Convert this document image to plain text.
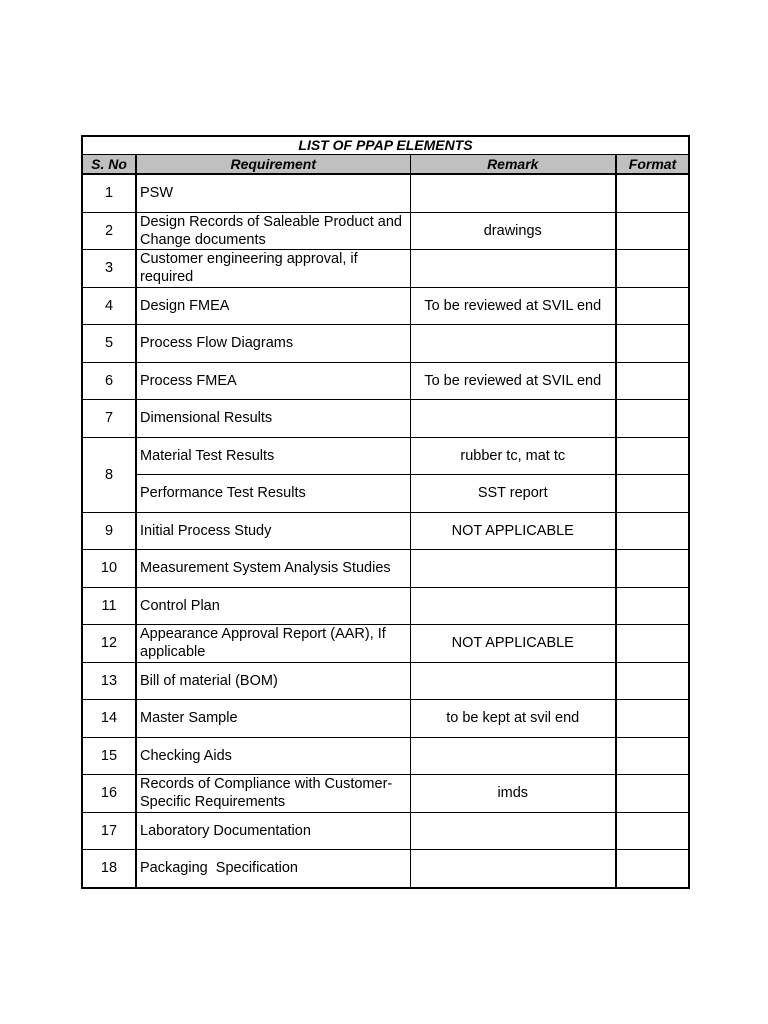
LIST OF PPAP ELEMENTS			
S. No	Requirement	Remark	Format
1	PSW		
2	Design Records of Saleable Product and Change documents	drawings	
3	Customer engineering approval, if required		
4	Design FMEA	To be reviewed at SVIL end	
5	Process Flow Diagrams		
6	Process FMEA	To be reviewed at SVIL end	
7	Dimensional Results		
8	Material Test Results	rubber tc, mat tc	
	Performance Test Results	SST report	
9	Initial Process Study	NOT APPLICABLE	
10	Measurement System Analysis Studies		
11	Control Plan		
12	Appearance Approval Report (AAR), If applicable	NOT APPLICABLE	
13	Bill of material (BOM)		
14	Master Sample	to be kept at svil end	
15	Checking Aids		
16	Records of Compliance with Customer-Specific Requirements	imds	
17	Laboratory Documentation		
18	Packaging  Specification		
